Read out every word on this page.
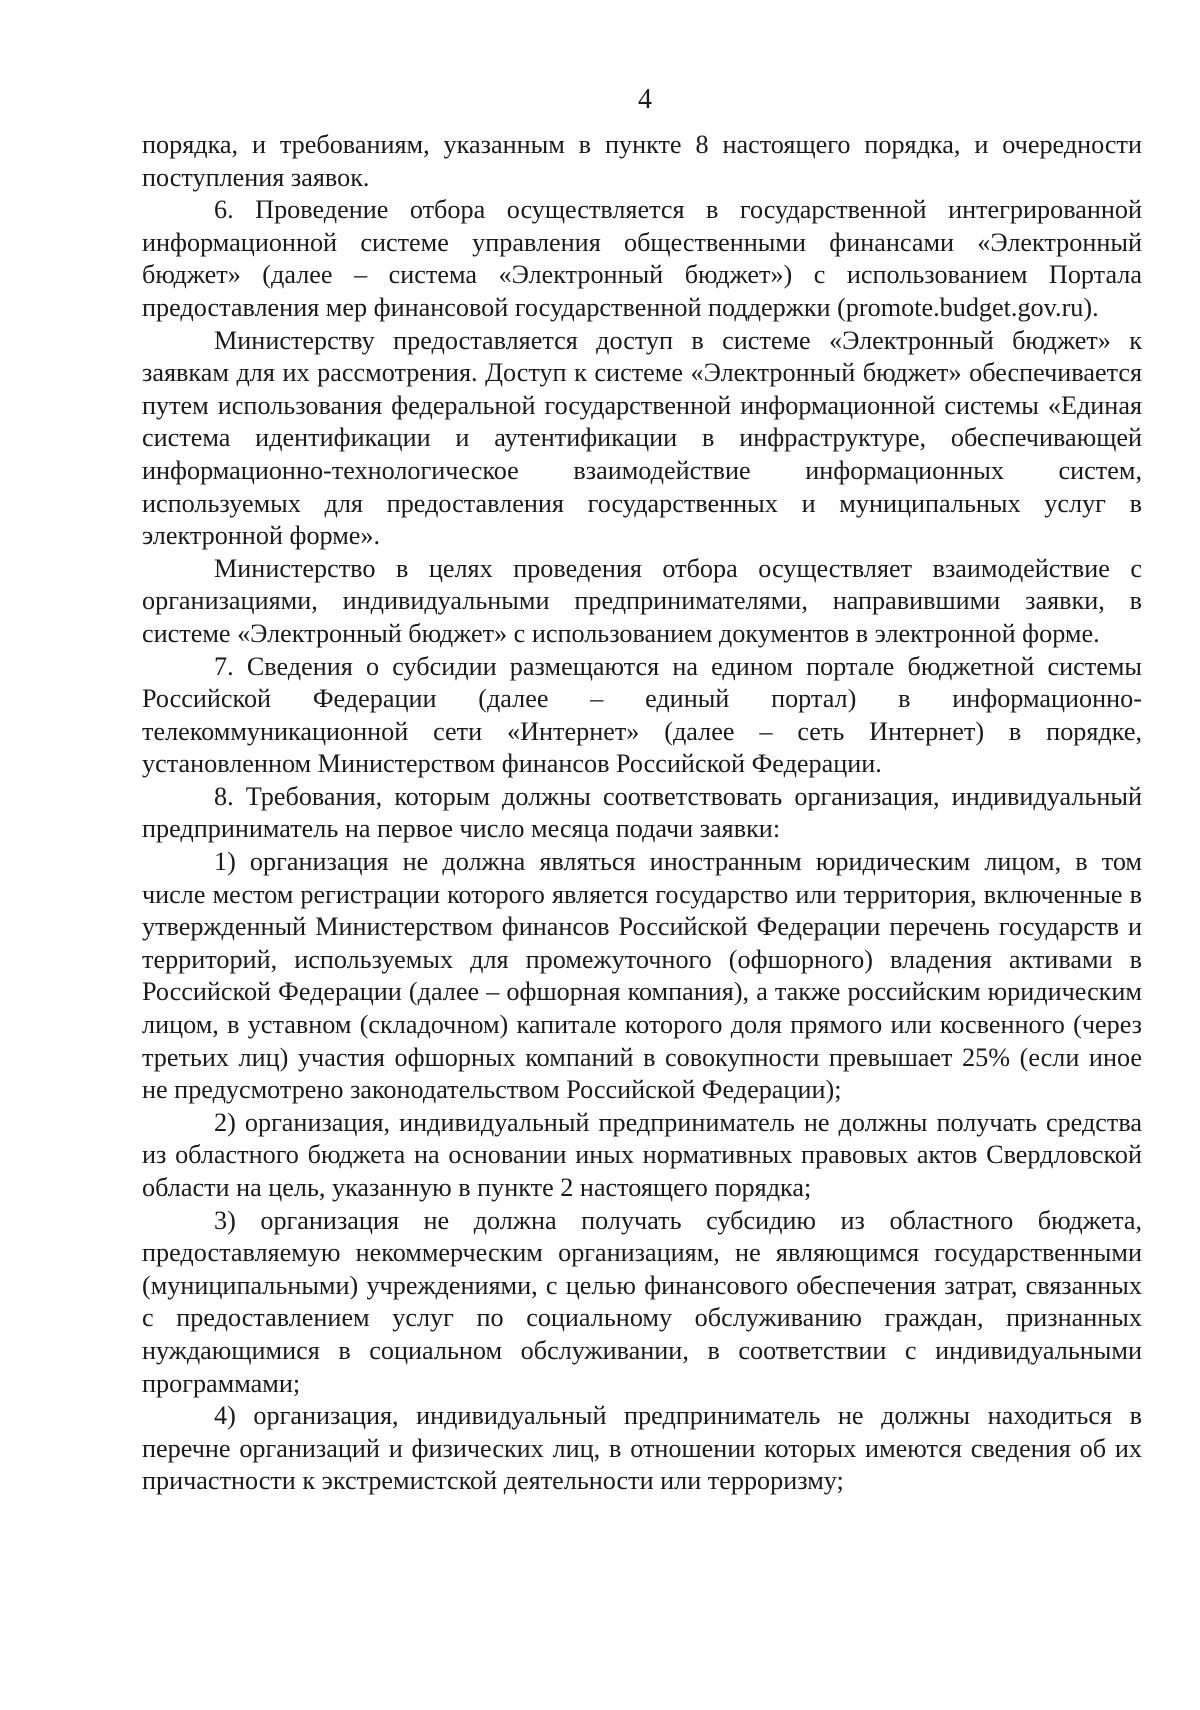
4

порядка, и требованиям, указанным в пункте 8 настоящего порядка, и очередности поступления заявок.

6. Проведение отбора осуществляется в государственной интегрированной информационной системе управления общественными финансами «Электронный бюджет» (далее – система «Электронный бюджет») с использованием Портала предоставления мер финансовой государственной поддержки (promote.budget.gov.ru).

Министерству предоставляется доступ в системе «Электронный бюджет» к заявкам для их рассмотрения. Доступ к системе «Электронный бюджет» обеспечивается путем использования федеральной государственной информационной системы «Единая система идентификации и аутентификации в инфраструктуре, обеспечивающей информационно-технологическое взаимодействие информационных систем, используемых для предоставления государственных и муниципальных услуг в электронной форме».

Министерство в целях проведения отбора осуществляет взаимодействие с организациями, индивидуальными предпринимателями, направившими заявки, в системе «Электронный бюджет» с использованием документов в электронной форме.

7. Сведения о субсидии размещаются на едином портале бюджетной системы Российской Федерации (далее – единый портал) в информационно-телекоммуникационной сети «Интернет» (далее – сеть Интернет) в порядке, установленном Министерством финансов Российской Федерации.

8. Требования, которым должны соответствовать организация, индивидуальный предприниматель на первое число месяца подачи заявки:

1) организация не должна являться иностранным юридическим лицом, в том числе местом регистрации которого является государство или территория, включенные в утвержденный Министерством финансов Российской Федерации перечень государств и территорий, используемых для промежуточного (офшорного) владения активами в Российской Федерации (далее – офшорная компания), а также российским юридическим лицом, в уставном (складочном) капитале которого доля прямого или косвенного (через третьих лиц) участия офшорных компаний в совокупности превышает 25% (если иное не предусмотрено законодательством Российской Федерации);

2) организация, индивидуальный предприниматель не должны получать средства из областного бюджета на основании иных нормативных правовых актов Свердловской области на цель, указанную в пункте 2 настоящего порядка;

3) организация не должна получать субсидию из областного бюджета, предоставляемую некоммерческим организациям, не являющимся государственными (муниципальными) учреждениями, с целью финансового обеспечения затрат, связанных с предоставлением услуг по социальному обслуживанию граждан, признанных нуждающимися в социальном обслуживании, в соответствии с индивидуальными программами;

4) организация, индивидуальный предприниматель не должны находиться в перечне организаций и физических лиц, в отношении которых имеются сведения об их причастности к экстремистской деятельности или терроризму;
